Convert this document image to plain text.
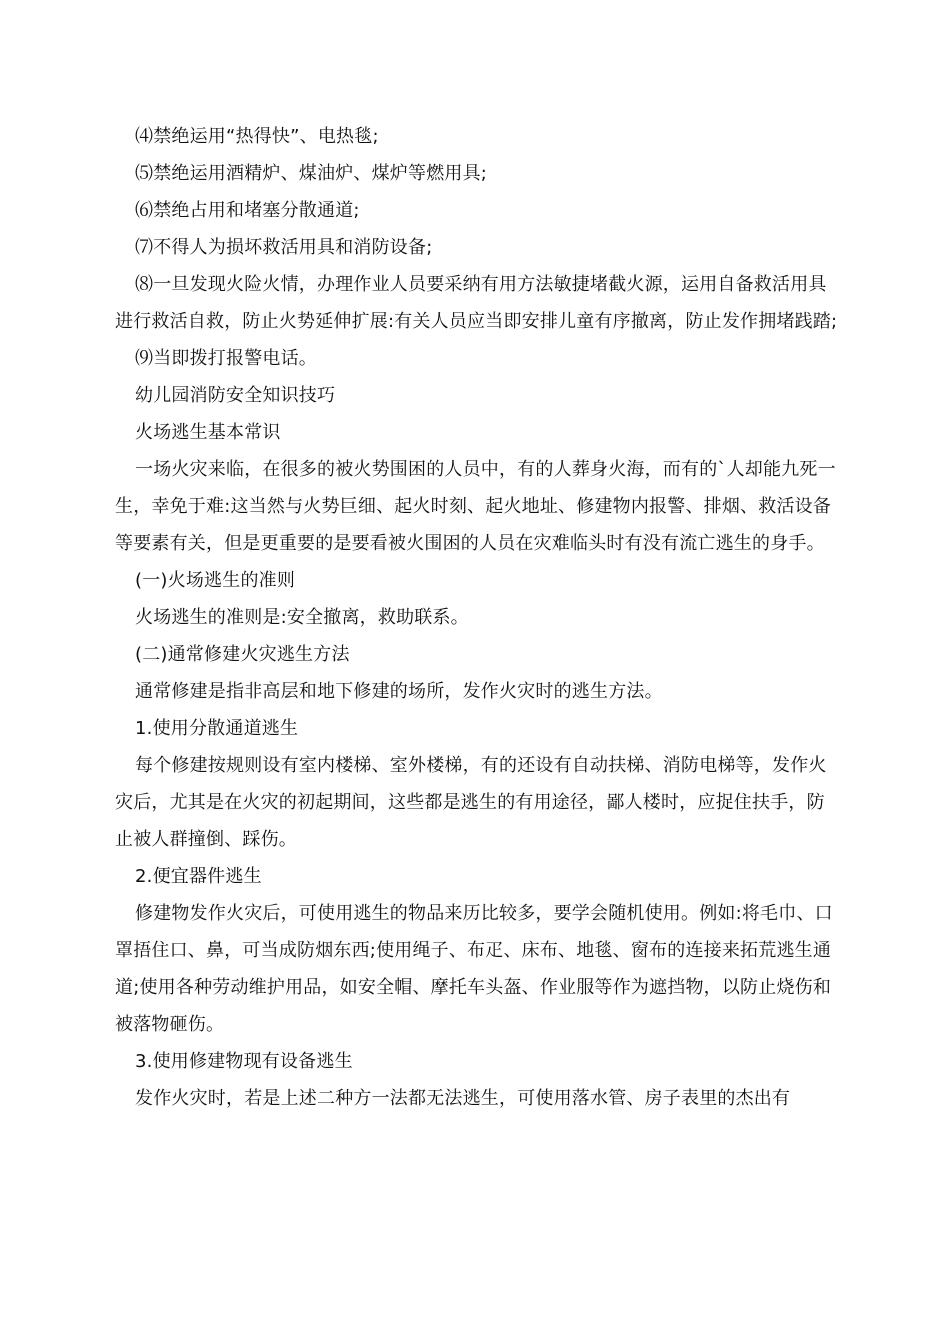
⑷禁绝运用“热得快”、电热毯;

⑸禁绝运用酒精炉、煤油炉、煤炉等燃用具;

⑹禁绝占用和堵塞分散通道;

⑺不得人为损坏救活用具和消防设备;

⑻一旦发现火险火情，办理作业人员要采纳有用方法敏捷堵截火源，运用自备救活用具进行救活自救，防止火势延伸扩展:有关人员应当即安排儿童有序撤离，防止发作拥堵践踏;

⑼当即拨打报警电话。

幼儿园消防安全知识技巧

火场逃生基本常识

一场火灾来临，在很多的被火势围困的人员中，有的人葬身火海，而有的`人却能九死一生，幸免于难:这当然与火势巨细、起火时刻、起火地址、修建物内报警、排烟、救活设备等要素有关，但是更重要的是要看被火围困的人员在灾难临头时有没有流亡逃生的身手。

(一)火场逃生的准则

火场逃生的准则是:安全撤离，救助联系。

(二)通常修建火灾逃生方法

通常修建是指非高层和地下修建的场所，发作火灾时的逃生方法。

1.使用分散通道逃生

每个修建按规则设有室内楼梯、室外楼梯，有的还设有自动扶梯、消防电梯等，发作火灾后，尤其是在火灾的初起期间，这些都是逃生的有用途径，鄙人楼时，应捉住扶手，防止被人群撞倒、踩伤。

2.便宜器件逃生

修建物发作火灾后，可使用逃生的物品来历比较多，要学会随机使用。例如:将毛巾、口罩捂住口、鼻，可当成防烟东西;使用绳子、布疋、床布、地毯、窗布的连接来拓荒逃生通道;使用各种劳动维护用品，如安全帽、摩托车头盔、作业服等作为遮挡物，以防止烧伤和被落物砸伤。

3.使用修建物现有设备逃生

发作火灾时，若是上述二种方一法都无法逃生，可使用落水管、房子表里的杰出有
